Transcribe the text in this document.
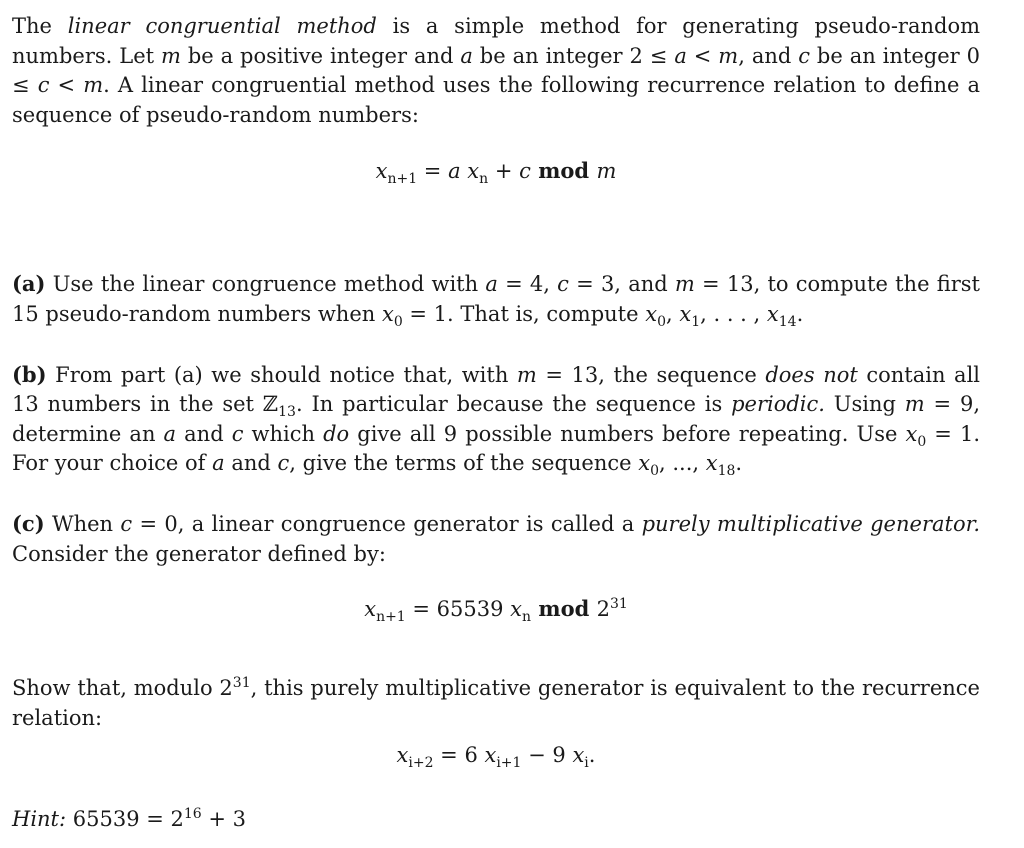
The linear congruential method is a simple method for generating pseudo-random numbers. Let m be a positive integer and a be an integer 2 ≤ a < m, and c be an integer 0 ≤ c < m. A linear congruential method uses the following recurrence relation to define a sequence of pseudo-random numbers:

$x_{n+1} = a$ $x_n + c$ mod m

(a) Use the linear congruence method with a = 4, c = 3, and m = 13, to compute the first 15 pseudo-random numbers when $x_0 = 1$. That is, compute $x_0$, $x_1$, . . . , $x_{14}$.

(b) From part (a) we should notice that, with m = 13, the sequence does not contain all 13 numbers in the set ℤ$_{13}$. In particular because the sequence is periodic. Using m = 9, determine an a and c which do give all 9 possible numbers before repeating. Use $x_0 = 1$. For your choice of a and c, give the terms of the sequence $x_0$, ..., $x_{18}$.

(c) When c = 0, a linear congruence generator is called a purely multiplicative generator. Consider the generator defined by:

$x_{n+1} = 65539$ $x_n$ mod $2^{31}$

Show that, modulo $2^{31}$, this purely multiplicative generator is equivalent to the recurrence relation:

$x_{i+2} = 6$ $x_{i+1} - 9$ $x_i$.

Hint: $65539 = 2^{16} + 3$
